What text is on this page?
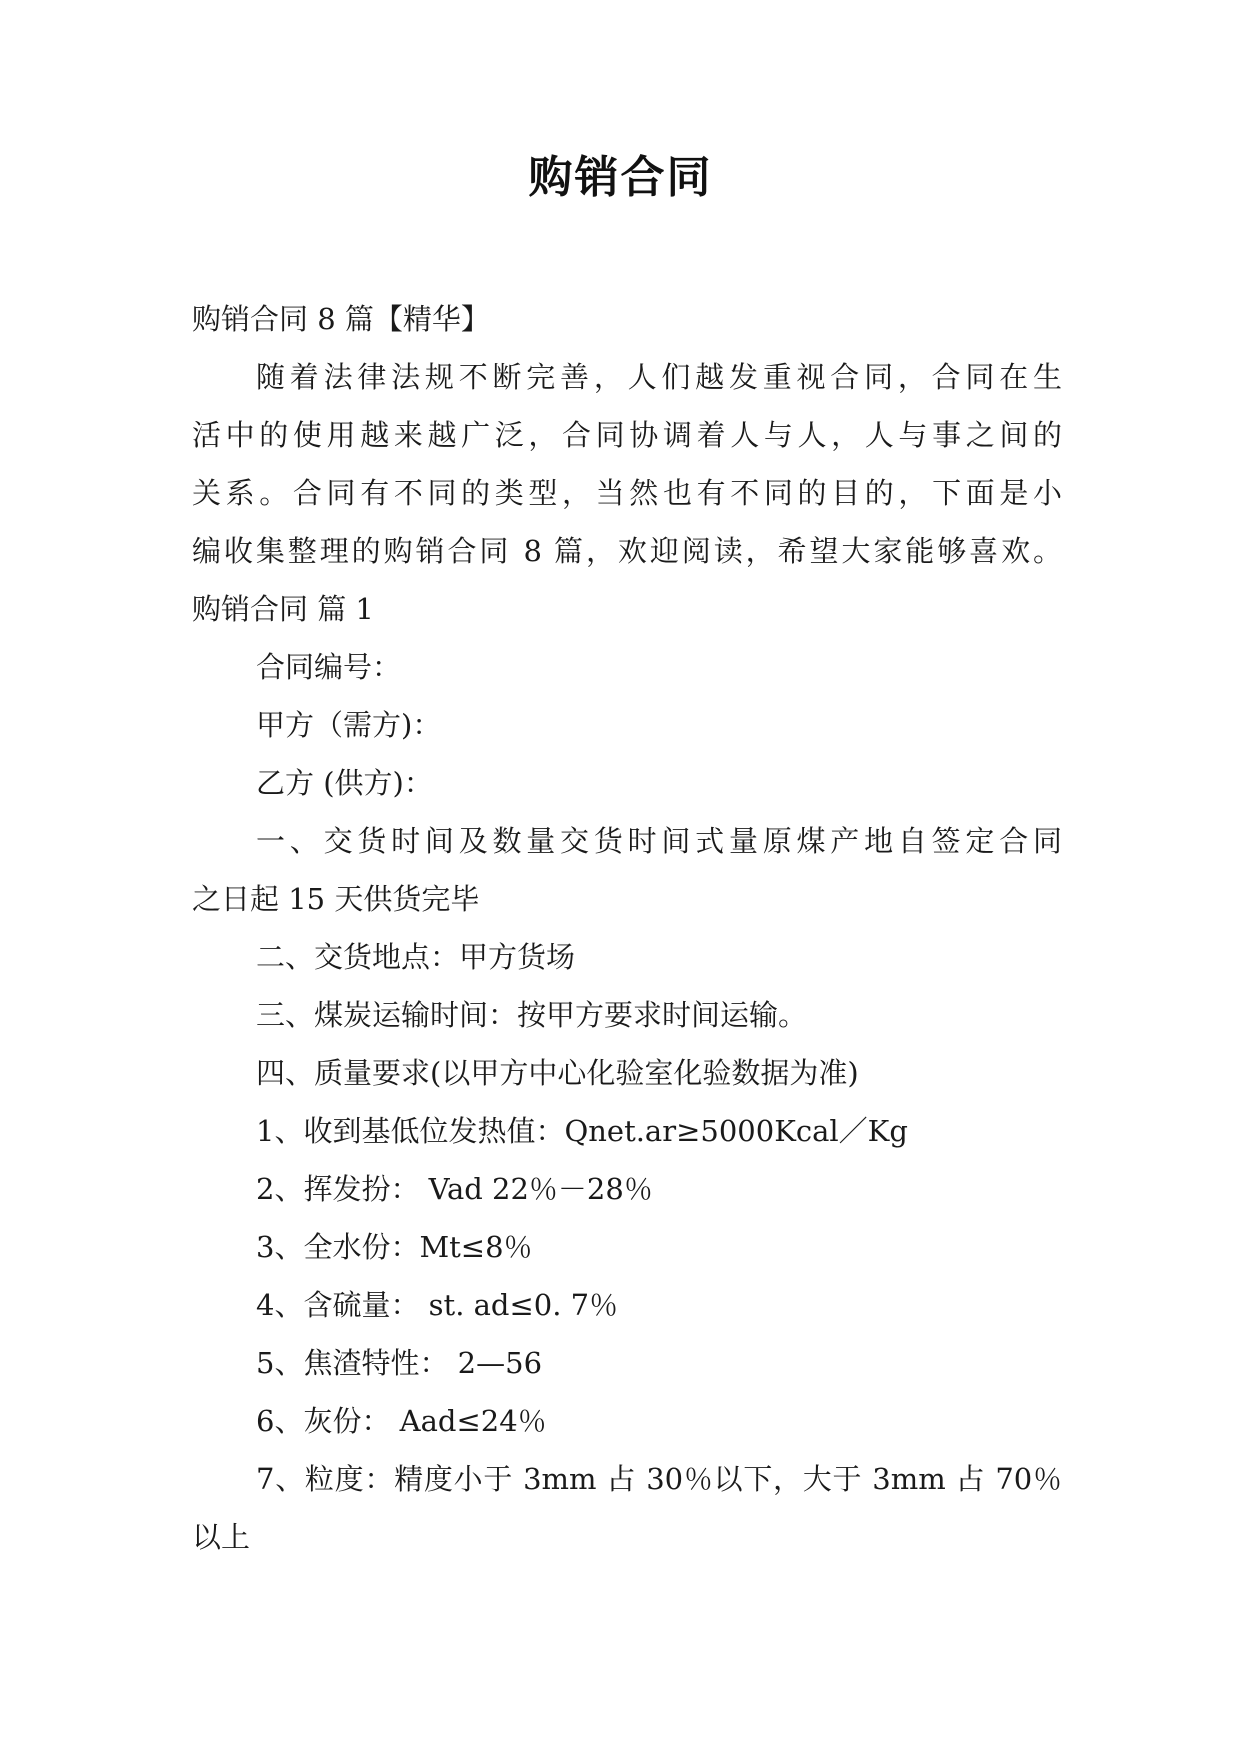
购销合同
购销合同 8 篇【精华】
随着法律法规不断完善，人们越发重视合同，合同在生
活中的使用越来越广泛，合同协调着人与人，人与事之间的
关系。合同有不同的类型，当然也有不同的目的，下面是小
编收集整理的购销合同 8 篇，欢迎阅读，希望大家能够喜欢。
购销合同 篇 1
合同编号：
甲方（需方)：
乙方 (供方)：
一、交货时间及数量交货时间式量原煤产地自签定合同
之日起 15 天供货完毕
二、交货地点：甲方货场
三、煤炭运输时间：按甲方要求时间运输。
四、质量要求(以甲方中心化验室化验数据为准)
1、收到基低位发热值：Qnet.ar≥5000Kcal／Kg
2、挥发扮： Vad 22％－28％
3、全水份：Mt≤8％
4、含硫量： st. ad≤0. 7％
5、焦渣特性： 2—56
6、灰份： Aad≤24％
7、粒度：精度小于 3mm 占 30％以下，大于 3mm 占 70％
以上
